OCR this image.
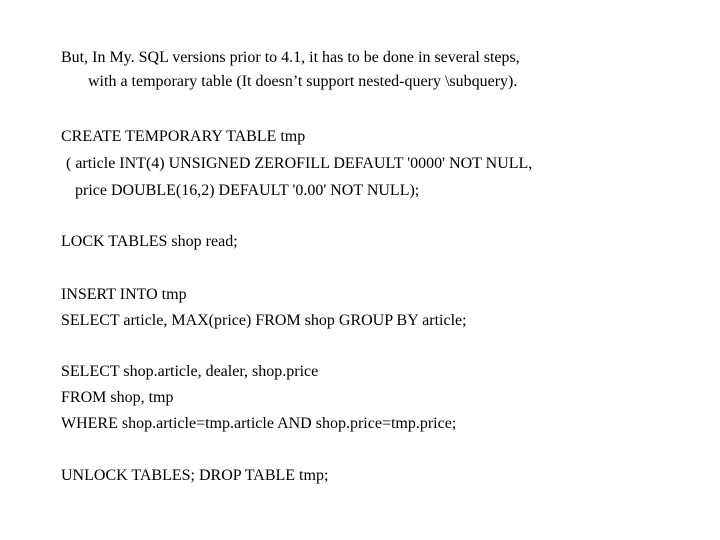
But, In My. SQL versions prior to 4.1, it has to be done in several steps,
with a temporary table (It doesn’t support nested-query \subquery).
CREATE TEMPORARY TABLE tmp
( article INT(4) UNSIGNED ZEROFILL DEFAULT '0000' NOT NULL,
price DOUBLE(16,2) DEFAULT '0.00' NOT NULL);
LOCK TABLES shop read;
INSERT INTO tmp
SELECT article, MAX(price) FROM shop GROUP BY article;
SELECT shop.article, dealer, shop.price
FROM shop, tmp
WHERE shop.article=tmp.article AND shop.price=tmp.price;
UNLOCK TABLES; DROP TABLE tmp;
